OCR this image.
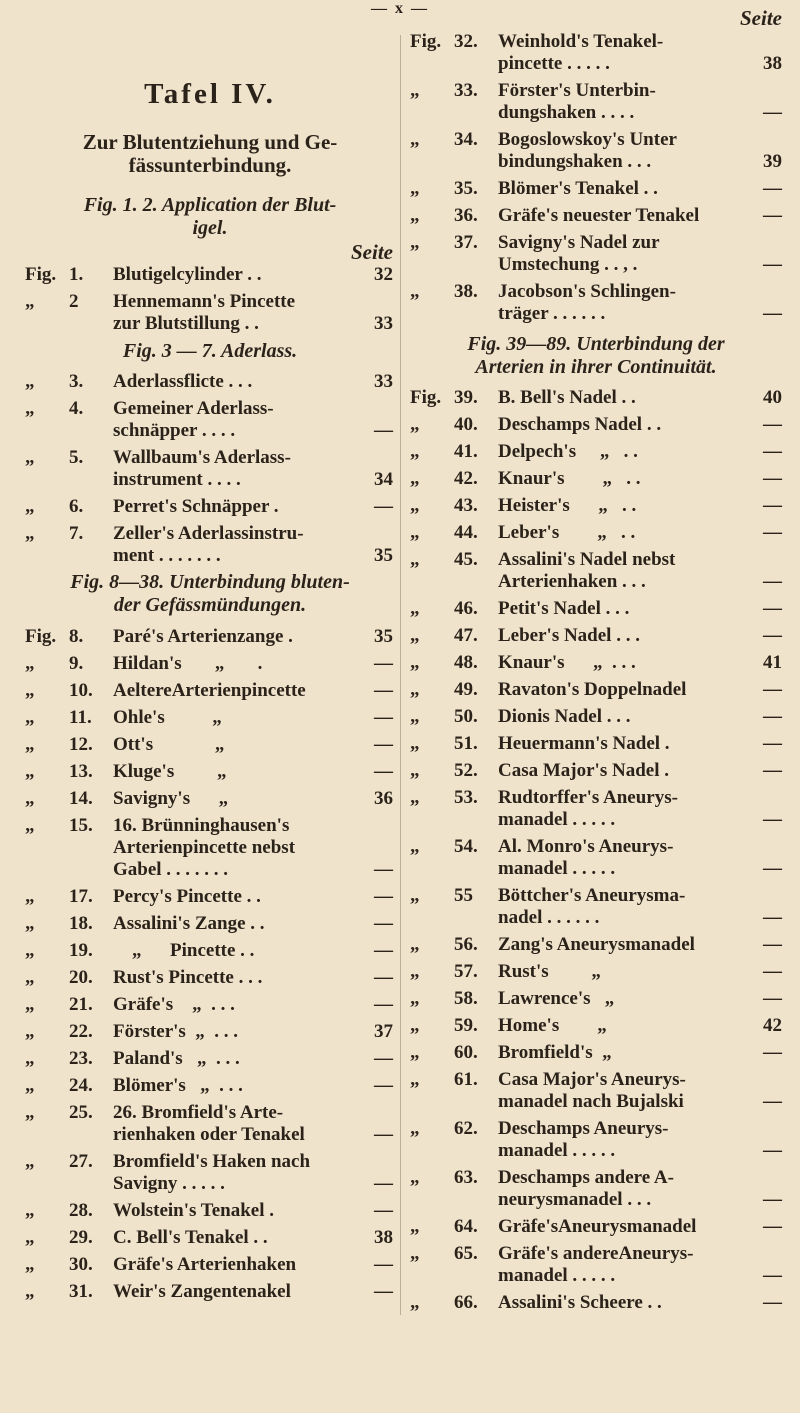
— x —
Tafel IV.
Zur Blutentziehung und Ge-
fässunterbindung.
Fig. 1. 2. Application der Blut-
igel.
Seite
Fig. 1.	Blutigelcylinder . .	32
„	2	Hennemann's Pincette
zur Blutstillung . .	33
Fig. 3 — 7. Aderlass.
„	3.	Aderlassflicte . . .	33
„	4.	Gemeiner Aderlass-
schnäpper . . . .	—
„	5.	Wallbaum's Aderlass-
instrument . . . .	34
„	6.	Perret's Schnäpper .	—
„	7.	Zeller's Aderlassinstru-
ment . . . . . . .	35
Fig. 8—38. Unterbindung bluten-
der Gefässmündungen.
Fig. 8.	Paré's Arterienzange .	35
„	9.	Hildan's       „       .	—
„	10.	AeltereArterienpincette	—
„	11.	Ohle's          „	—
„	12.	Ott's             „	—
„	13.	Kluge's         „	—
„	14.	Savigny's      „	36
„	15.	16. Brünninghausen's
Arterienpincette nebst
Gabel . . . . . . .	—
„	17.	Percy's Pincette . .	—
„	18.	Assalini's Zange . .	—
„	19.	„      Pincette . .	—
„	20.	Rust's Pincette . . .	—
„	21.	Gräfe's    „  . . .	—
„	22.	Förster's  „  . . .	37
„	23.	Paland's   „  . . .	—
„	24.	Blömer's   „  . . .	—
„	25.	26. Bromfield's Arte-
rienhaken oder Tenakel	—
„	27.	Bromfield's Haken nach
Savigny . . . . .	—
„	28.	Wolstein's Tenakel .	—
„	29.	C. Bell's Tenakel . .	38
„	30.	Gräfe's Arterienhaken	—
„	31.	Weir's Zangentenakel	—
Seite
Fig. 32.	Weinhold's Tenakel-
pincette . . . . .	38
„	33.	Förster's Unterbin-
dungshaken . . . .	—
„	34.	Bogoslowskoy's Unter
bindungshaken . . .	39
„	35.	Blömer's Tenakel . .	—
„	36.	Gräfe's neuester Tenakel	—
„	37.	Savigny's Nadel zur
Umstechung . . , .	—
„	38.	Jacobson's Schlingen-
träger . . . . . .	—
Fig. 39—89. Unterbindung der
Arterien in ihrer Continuität.
Fig. 39.	B. Bell's Nadel . .	40
„	40.	Deschamps Nadel . .	—
„	41.	Delpech's     „   . .	—
„	42.	Knaur's        „   . .	—
„	43.	Heister's      „   . .	—
„	44.	Leber's        „   . .	—
„	45.	Assalini's Nadel nebst
Arterienhaken . . .	—
„	46.	Petit's Nadel . . .	—
„	47.	Leber's Nadel . . .	—
„	48.	Knaur's      „  . . .	41
„	49.	Ravaton's Doppelnadel	—
„	50.	Dionis Nadel . . .	—
„	51.	Heuermann's Nadel .	—
„	52.	Casa Major's Nadel .	—
„	53.	Rudtorffer's Aneurys-
manadel . . . . .	—
„	54.	Al. Monro's Aneurys-
manadel . . . . .	—
„	55	Böttcher's Aneurysma-
nadel . . . . . .	—
„	56.	Zang's Aneurysmanadel	—
„	57.	Rust's         „	—
„	58.	Lawrence's   „	—
„	59.	Home's        „	42
„	60.	Bromfield's  „	—
„	61.	Casa Major's Aneurys-
manadel nach Bujalski	—
„	62.	Deschamps Aneurys-
manadel . . . . .	—
„	63.	Deschamps andere A-
neurysmanadel . . .	—
„	64.	Gräfe'sAneurysmanadel	—
„	65.	Gräfe's andereAneurys-
manadel . . . . .	—
„	66.	Assalini's Scheere . .	—
